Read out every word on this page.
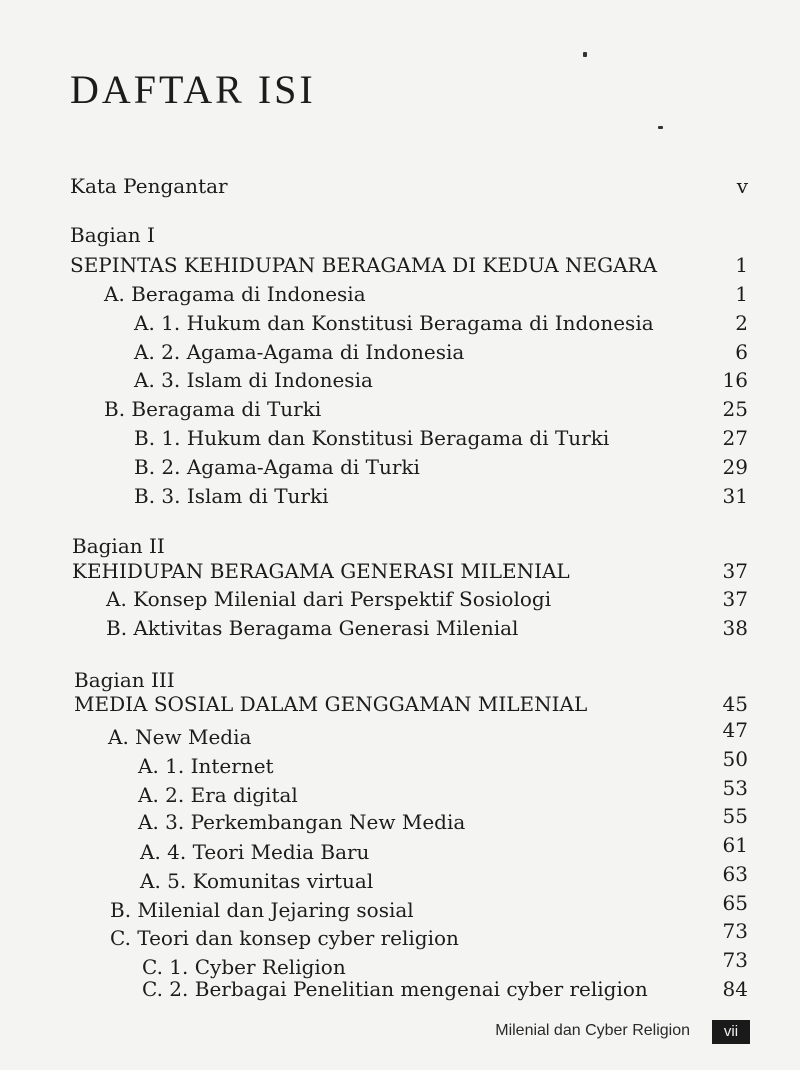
DAFTAR ISI
Kata Pengantar	v
Bagian I
SEPINTAS KEHIDUPAN BERAGAMA DI KEDUA NEGARA	1
A. Beragama di Indonesia	1
A. 1. Hukum dan Konstitusi Beragama di Indonesia	2
A. 2. Agama-Agama di Indonesia	6
A. 3. Islam di Indonesia	16
B. Beragama di Turki	25
B. 1. Hukum dan Konstitusi Beragama di Turki	27
B. 2. Agama-Agama di Turki	29
B. 3. Islam di Turki	31
Bagian II
KEHIDUPAN BERAGAMA GENERASI MILENIAL	37
A. Konsep Milenial dari Perspektif Sosiologi	37
B. Aktivitas Beragama Generasi Milenial	38
Bagian III
MEDIA SOSIAL DALAM GENGGAMAN MILENIAL	45
A. New Media	47
A. 1. Internet	50
A. 2. Era digital	53
A. 3. Perkembangan New Media	55
A. 4. Teori Media Baru	61
A. 5. Komunitas virtual	63
B. Milenial dan Jejaring sosial	65
C. Teori dan konsep cyber religion	73
C. 1. Cyber Religion	73
C. 2. Berbagai Penelitian mengenai cyber religion	84
Milenial dan Cyber Religion	vii
